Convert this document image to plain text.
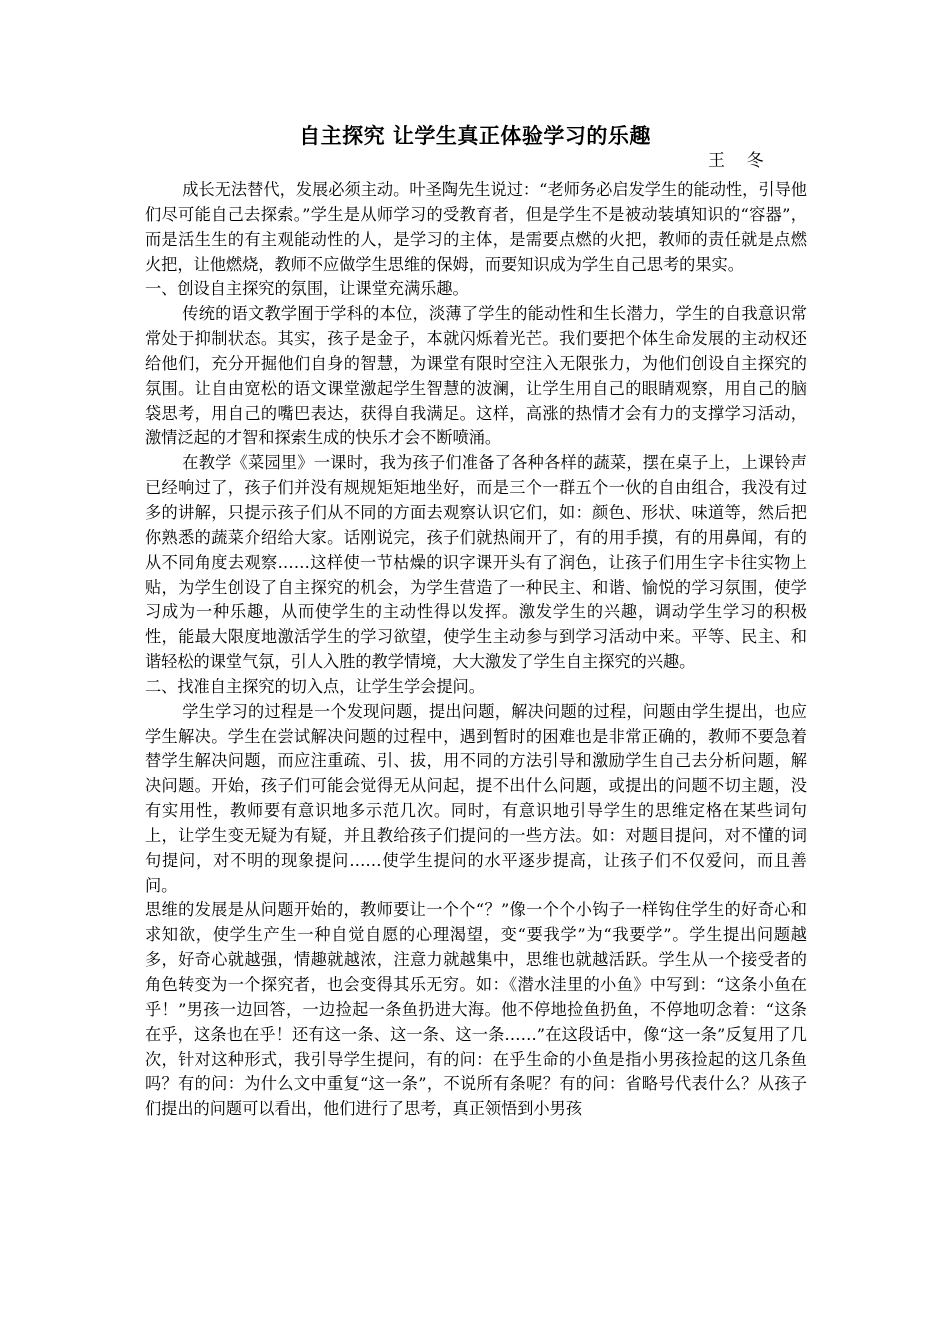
自主探究 让学生真正体验学习的乐趣
王    冬

成长无法替代，发展必须主动。叶圣陶先生说过：“老师务必启发学生的能动性，引导他们尽可能自己去探索。”学生是从师学习的受教育者，但是学生不是被动装填知识的“容器”，而是活生生的有主观能动性的人，是学习的主体，是需要点燃的火把，教师的责任就是点燃火把，让他燃烧，教师不应做学生思维的保姆，而要知识成为学生自己思考的果实。

一、创设自主探究的氛围，让课堂充满乐趣。

传统的语文教学囿于学科的本位，淡薄了学生的能动性和生长潜力，学生的自我意识常常处于抑制状态。其实，孩子是金子，本就闪烁着光芒。我们要把个体生命发展的主动权还给他们，充分开掘他们自身的智慧，为课堂有限时空注入无限张力，为他们创设自主探究的氛围。让自由宽松的语文课堂激起学生智慧的波澜，让学生用自己的眼睛观察，用自己的脑袋思考，用自己的嘴巴表达，获得自我满足。这样，高涨的热情才会有力的支撑学习活动，激情泛起的才智和探索生成的快乐才会不断喷涌。

在教学《菜园里》一课时，我为孩子们准备了各种各样的蔬菜，摆在桌子上，上课铃声已经响过了，孩子们并没有规规矩矩地坐好，而是三个一群五个一伙的自由组合，我没有过多的讲解，只提示孩子们从不同的方面去观察认识它们，如：颜色、形状、味道等，然后把你熟悉的蔬菜介绍给大家。话刚说完，孩子们就热闹开了，有的用手摸，有的用鼻闻，有的从不同角度去观察……这样使一节枯燥的识字课开头有了润色，让孩子们用生字卡往实物上贴，为学生创设了自主探究的机会，为学生营造了一种民主、和谐、愉悦的学习氛围，使学习成为一种乐趣，从而使学生的主动性得以发挥。激发学生的兴趣，调动学生学习的积极性，能最大限度地激活学生的学习欲望，使学生主动参与到学习活动中来。平等、民主、和谐轻松的课堂气氛，引人入胜的教学情境，大大激发了学生自主探究的兴趣。

二、找准自主探究的切入点，让学生学会提问。

学生学习的过程是一个发现问题，提出问题，解决问题的过程，问题由学生提出，也应学生解决。学生在尝试解决问题的过程中，遇到暂时的困难也是非常正确的，教师不要急着替学生解决问题，而应注重疏、引、拔，用不同的方法引导和激励学生自己去分析问题，解决问题。开始，孩子们可能会觉得无从问起，提不出什么问题，或提出的问题不切主题，没有实用性，教师要有意识地多示范几次。同时，有意识地引导学生的思维定格在某些词句上，让学生变无疑为有疑，并且教给孩子们提问的一些方法。如：对题目提问，对不懂的词句提问，对不明的现象提问……使学生提问的水平逐步提高，让孩子们不仅爱问，而且善问。

思维的发展是从问题开始的，教师要让一个个“？”像一个个小钩子一样钩住学生的好奇心和求知欲，使学生产生一种自觉自愿的心理渴望，变“要我学”为“我要学”。学生提出问题越多，好奇心就越强，情趣就越浓，注意力就越集中，思维也就越活跃。学生从一个接受者的角色转变为一个探究者，也会变得其乐无穷。如：《潜水洼里的小鱼》中写到：“这条小鱼在乎！”男孩一边回答，一边捡起一条鱼扔进大海。他不停地捡鱼扔鱼，不停地叨念着：“这条在乎，这条也在乎！还有这一条、这一条、这一条……”在这段话中，像“这一条”反复用了几次，针对这种形式，我引导学生提问，有的问：在乎生命的小鱼是指小男孩捡起的这几条鱼吗？有的问：为什么文中重复“这一条”，不说所有条呢？有的问：省略号代表什么？从孩子们提出的问题可以看出，他们进行了思考，真正领悟到小男孩
